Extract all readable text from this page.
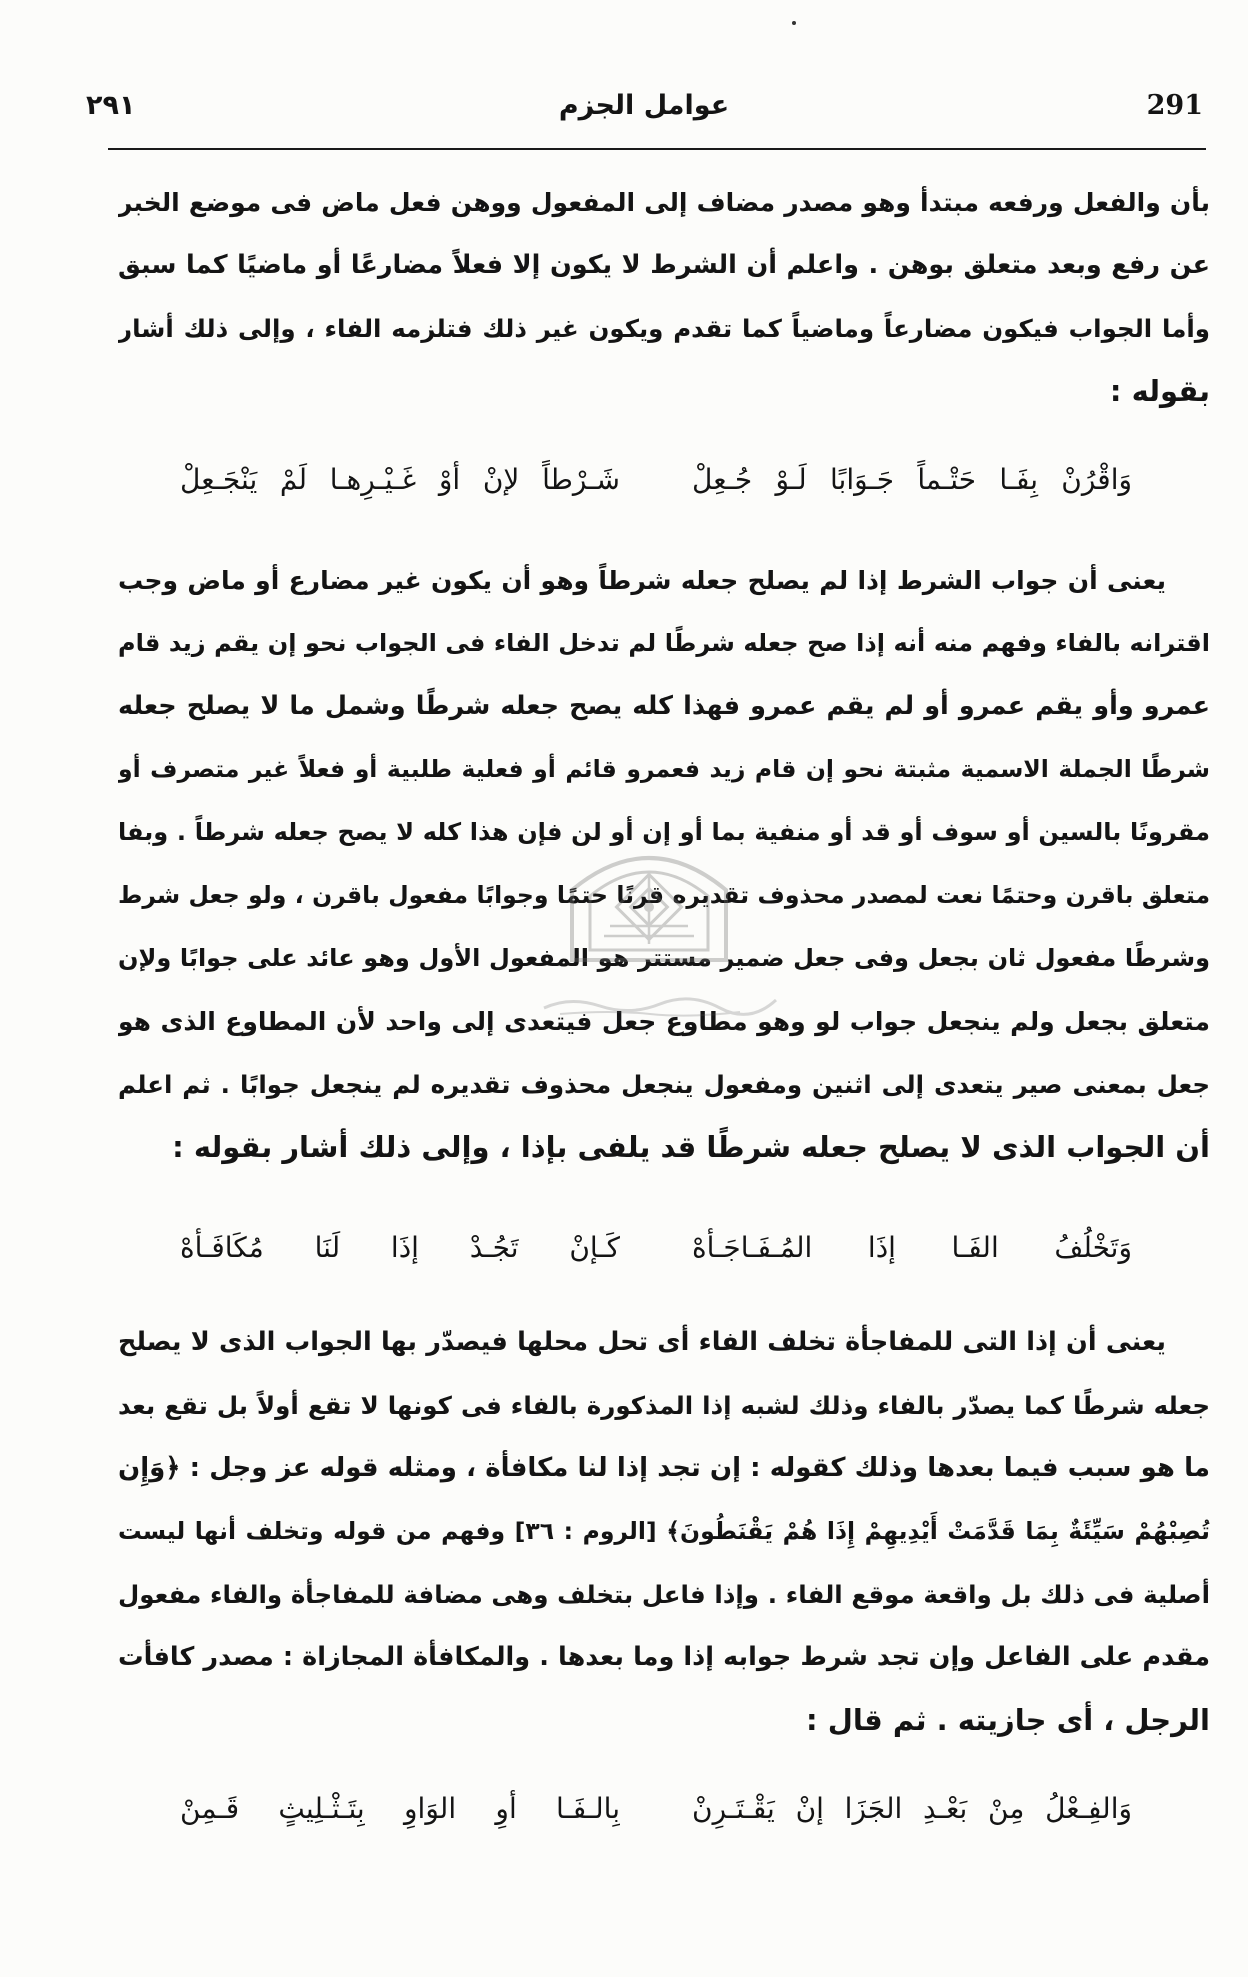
291
عوامل الجزم
٢٩١
بأن والفعل ورفعه مبتدأ وهو مصدر مضاف إلى المفعول ووهن فعل ماض فى موضع الخبر
عن رفع وبعد متعلق بوهن . واعلم أن الشرط لا يكون إلا فعلاً مضارعًا أو ماضيًا كما سبق
وأما الجواب فيكون مضارعاً وماضياً كما تقدم ويكون غير ذلك فتلزمه الفاء ، وإلى ذلك أشار
بقوله :
وَاقْرُنْ بِفَـا حَتْـماً جَـوَابًا لَـوْ جُـعِلْ
شَـرْطاً لإنْ أوْ غَـيْـرِهـا لَمْ يَنْجَـعِلْ
يعنى أن جواب الشرط إذا لم يصلح جعله شرطاً وهو أن يكون غير مضارع أو ماض وجب
اقترانه بالفاء وفهم منه أنه إذا صح جعله شرطًا لم تدخل الفاء فى الجواب نحو إن يقم زيد قام
عمرو وأو يقم عمرو أو لم يقم عمرو فهذا كله يصح جعله شرطًا وشمل ما لا يصلح جعله
شرطًا الجملة الاسمية مثبتة نحو إن قام زيد فعمرو قائم أو فعلية طلبية أو فعلاً غير متصرف أو
مقرونًا بالسين أو سوف أو قد أو منفية بما أو إن أو لن فإن هذا كله لا يصح جعله شرطاً . وبفا
متعلق باقرن وحتمًا نعت لمصدر محذوف تقديره قرنًا حتمًا وجوابًا مفعول باقرن ، ولو جعل شرط
وشرطًا مفعول ثان بجعل وفى جعل ضمير مستتر هو المفعول الأول وهو عائد على جوابًا ولإن
متعلق بجعل ولم ينجعل جواب لو وهو مطاوع جعل فيتعدى إلى واحد لأن المطاوع الذى هو
جعل بمعنى صير يتعدى إلى اثنين ومفعول ينجعل محذوف تقديره لم ينجعل جوابًا . ثم اعلم
أن الجواب الذى لا يصلح جعله شرطًا قد يلفى بإذا ، وإلى ذلك أشار بقوله :
وَتَخْلُفُ الفَـا إذَا المُـفَـاجَـأهْ
كَـإنْ تَجُـدْ إذَا لَنَا مُكَافَـأهْ
يعنى أن إذا التى للمفاجأة تخلف الفاء أى تحل محلها فيصدّر بها الجواب الذى لا يصلح
جعله شرطًا كما يصدّر بالفاء وذلك لشبه إذا المذكورة بالفاء فى كونها لا تقع أولاً بل تقع بعد
ما هو سبب فيما بعدها وذلك كقوله : إن تجد إذا لنا مكافأة ، ومثله قوله عز وجل : ﴿وَإِن
تُصِبْهُمْ سَيِّئَةٌ بِمَا قَدَّمَتْ أَيْدِيهِمْ إِذَا هُمْ يَقْنَطُونَ﴾ [الروم : ٣٦] وفهم من قوله وتخلف أنها ليست
أصلية فى ذلك بل واقعة موقع الفاء . وإذا فاعل بتخلف وهى مضافة للمفاجأة والفاء مفعول
مقدم على الفاعل وإن تجد شرط جوابه إذا وما بعدها . والمكافأة المجازاة : مصدر كافأت
الرجل ، أى جازيته . ثم قال :
وَالفِـعْلُ مِنْ بَعْـدِ الجَزَا إنْ يَقْـتَـرِنْ
بِالـفَـا أوِ الوَاوِ بِتَـثْـلِيثٍ قَـمِنْ
